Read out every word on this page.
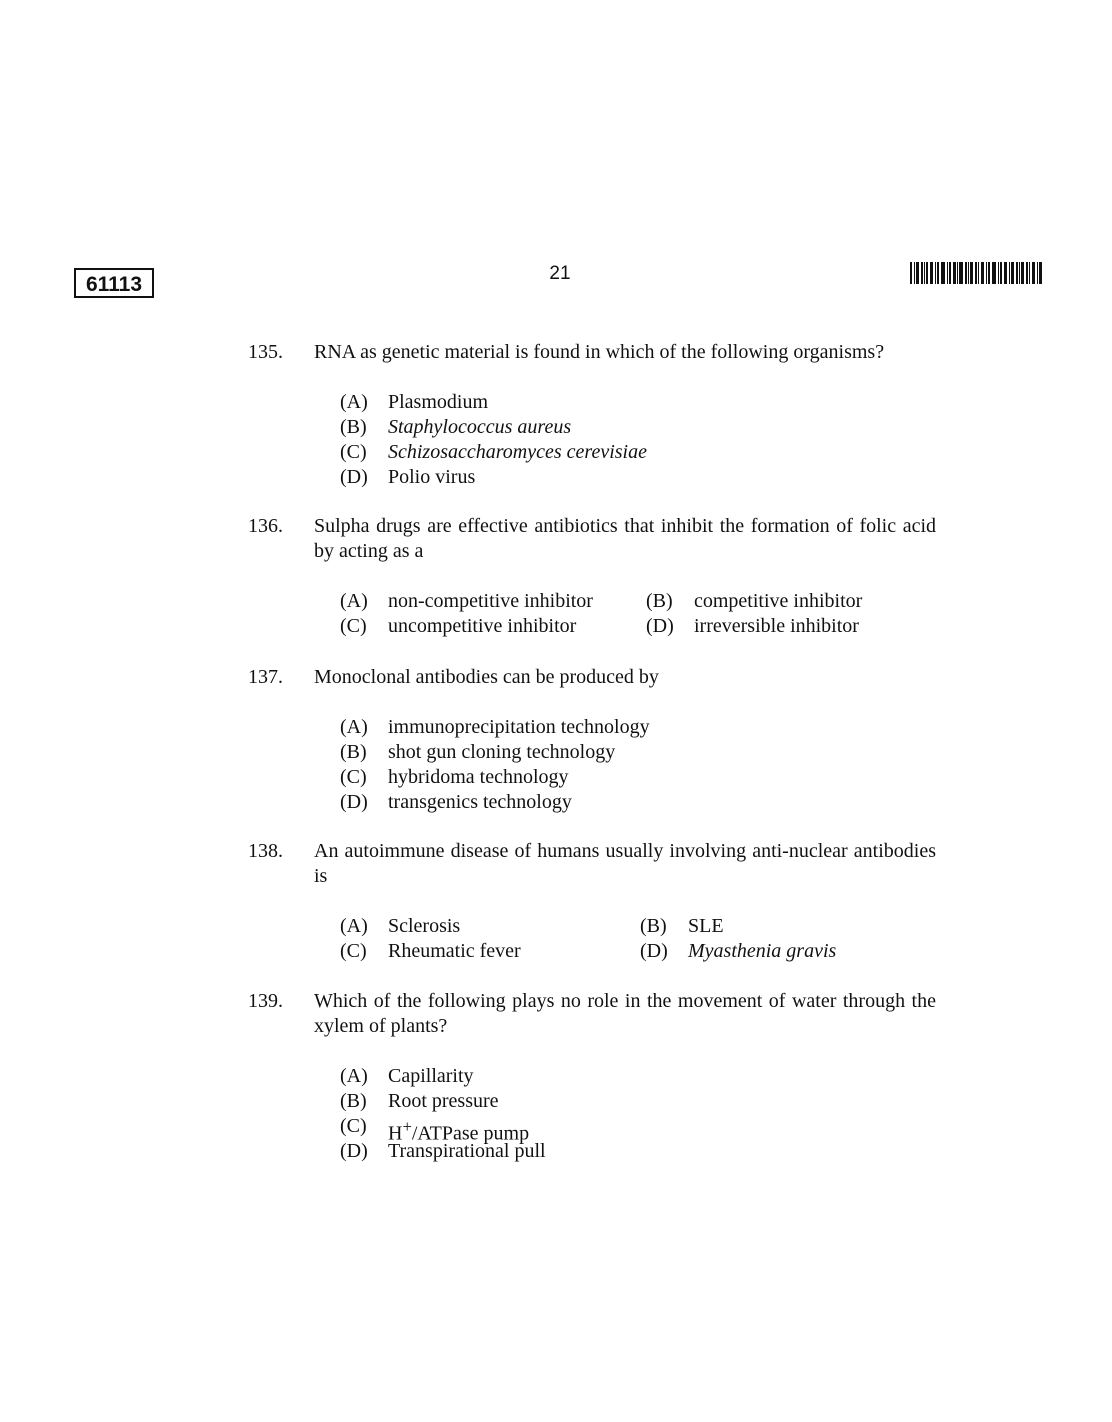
61113	21
135.	RNA as genetic material is found in which of the following organisms?
(A)	Plasmodium
(B)	Staphylococcus aureus
(C)	Schizosaccharomyces cerevisiae
(D)	Polio virus
136.	Sulpha drugs are effective antibiotics that inhibit the formation of folic acid by acting as a
(A)	non-competitive inhibitor	(B)	competitive inhibitor
(C)	uncompetitive inhibitor	(D)	irreversible inhibitor
137.	Monoclonal antibodies can be produced by
(A)	immunoprecipitation technology
(B)	shot gun cloning technology
(C)	hybridoma technology
(D)	transgenics technology
138.	An autoimmune disease of humans usually involving anti-nuclear antibodies is
(A)	Sclerosis	(B)	SLE
(C)	Rheumatic fever	(D)	Myasthenia gravis
139.	Which of the following plays no role in the movement of water through the xylem of plants?
(A)	Capillarity
(B)	Root pressure
(C)	H+/ATPase pump
(D)	Transpirational pull
